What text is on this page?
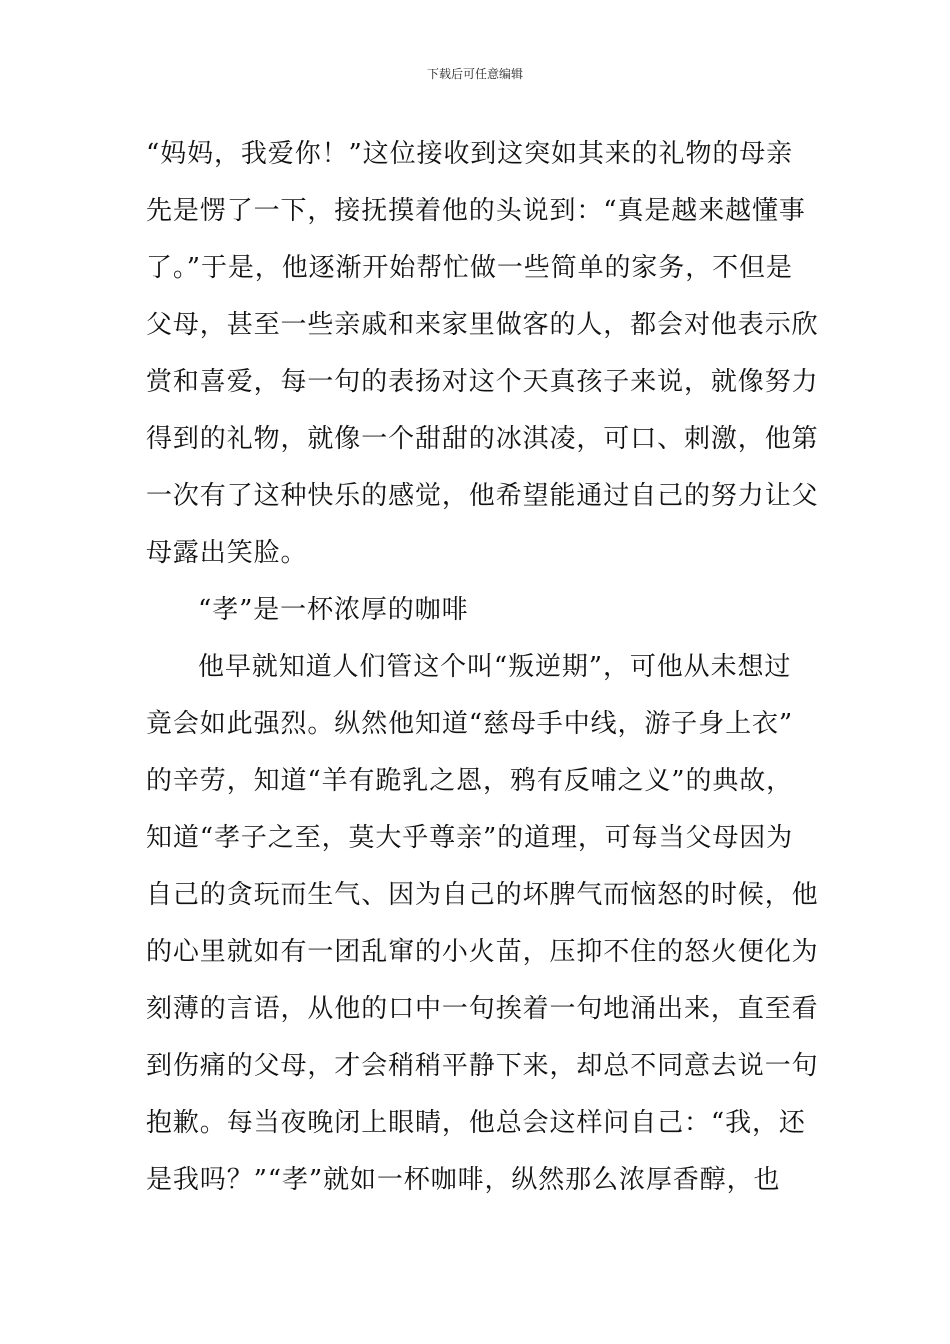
下载后可任意编辑
“妈妈，我爱你！”这位接收到这突如其来的礼物的母亲
先是愣了一下，接抚摸着他的头说到：“真是越来越懂事
了。”于是，他逐渐开始帮忙做一些简单的家务，不但是
父母，甚至一些亲戚和来家里做客的人，都会对他表示欣
赏和喜爱，每一句的表扬对这个天真孩子来说，就像努力
得到的礼物，就像一个甜甜的冰淇凌，可口、刺激，他第
一次有了这种快乐的感觉，他希望能通过自己的努力让父
母露出笑脸。
“孝”是一杯浓厚的咖啡
他早就知道人们管这个叫“叛逆期”，可他从未想过
竟会如此强烈。纵然他知道“慈母手中线，游子身上衣”
的辛劳，知道“羊有跪乳之恩，鸦有反哺之义”的典故，
知道“孝子之至，莫大乎尊亲”的道理，可每当父母因为
自己的贪玩而生气、因为自己的坏脾气而恼怒的时候，他
的心里就如有一团乱窜的小火苗，压抑不住的怒火便化为
刻薄的言语，从他的口中一句挨着一句地涌出来，直至看
到伤痛的父母，才会稍稍平静下来，却总不同意去说一句
抱歉。每当夜晚闭上眼睛，他总会这样问自己：“我，还
是我吗？”“孝”就如一杯咖啡，纵然那么浓厚香醇，也
